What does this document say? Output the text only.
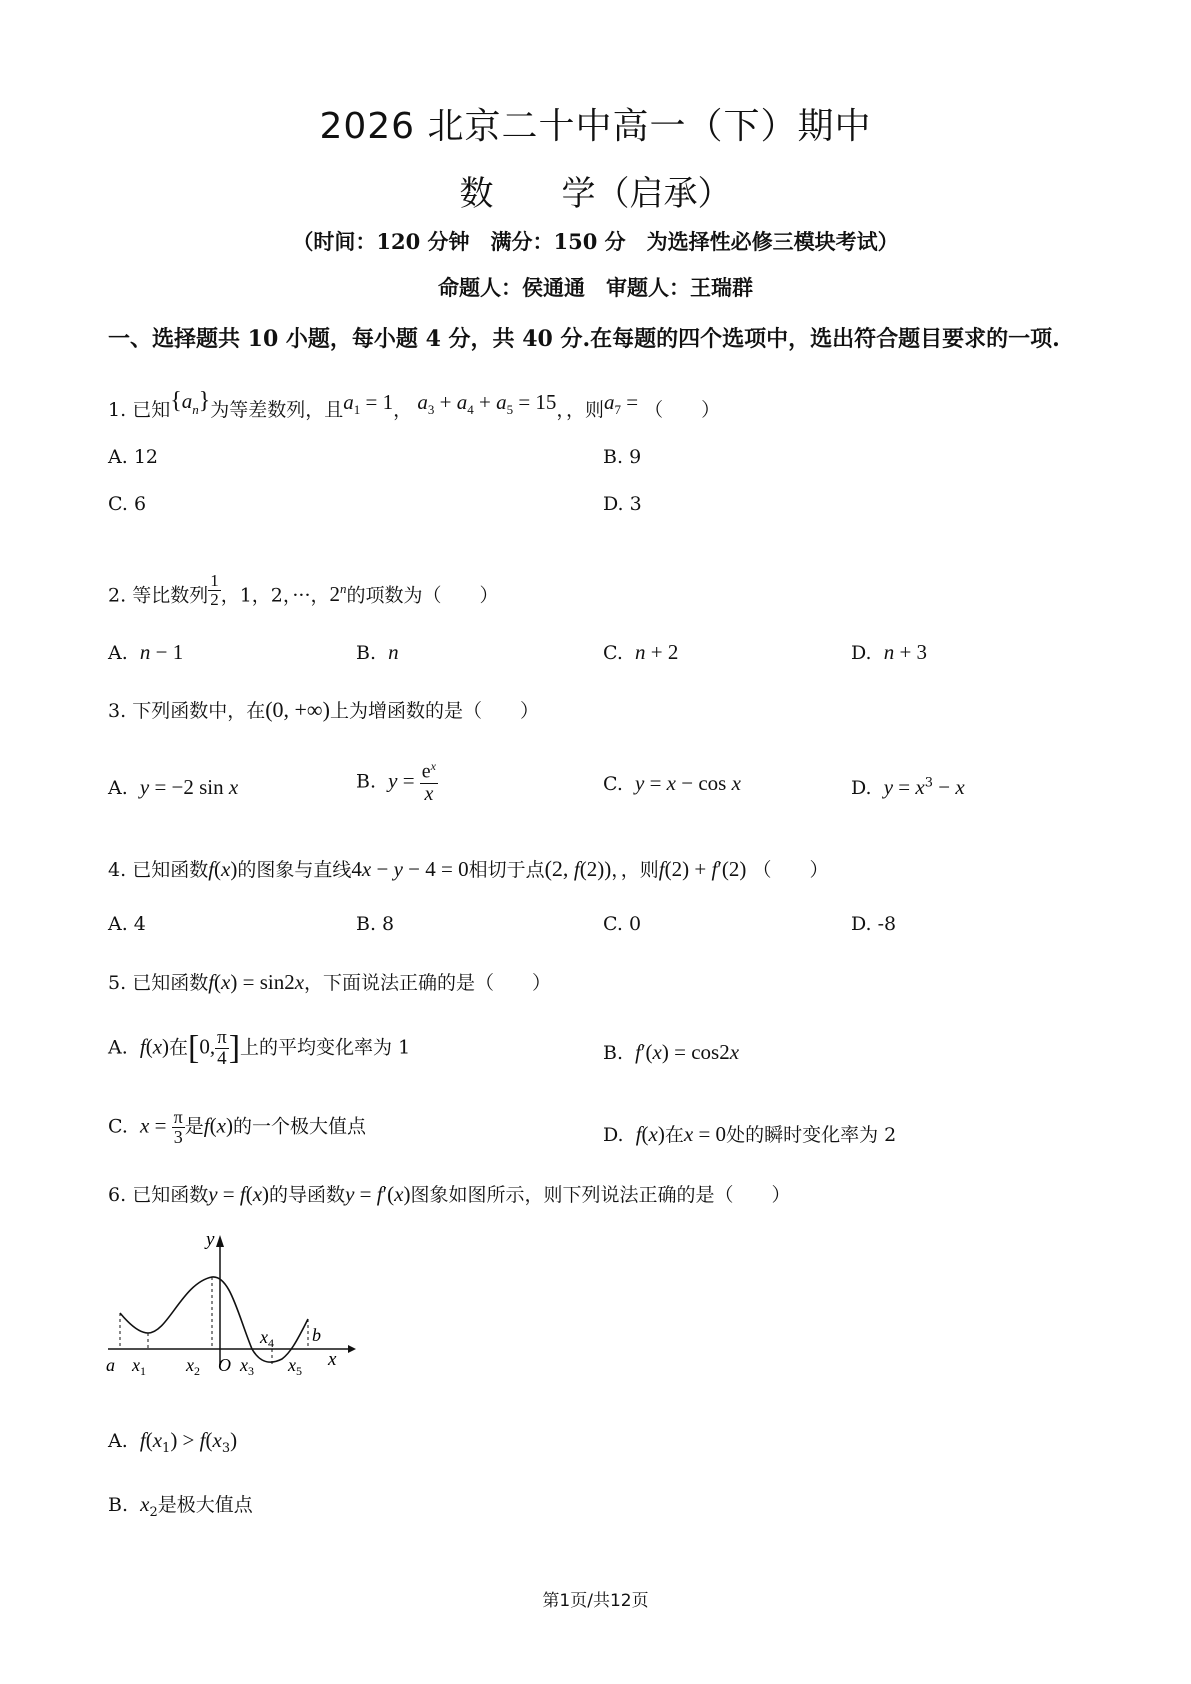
2026 北京二十中高一（下）期中
数　　学（启承）
（时间：120 分钟　满分：150 分　为选择性必修三模块考试）
命题人：侯通通　审题人：王瑞群
一、选择题共 10 小题，每小题 4 分，共 40 分.在每题的四个选项中，选出符合题目要求的一项.
1. 已知$\{a_n\}$为等差数列，且$a_1 = 1$， $a_3 + a_4 + a_5 = 15$，，则$a_7$ = （　　）
A. 12	B. 9
C. 6	D. 3
2. 等比数列 $\frac{1}{2}$ ，1，2，···，$2^n$的项数为（　　）
A. n − 1	B. n	C. n + 2	D. n + 3
3. 下列函数中，在(0, +∞)上为增函数的是（　　）
A. y = −2 sin x	B. $y = \frac{e^x}{x}$	C. y = x − cos x	D. $y = x^3 - x$
4. 已知函数f(x)的图象与直线4x − y − 4 = 0相切于点(2, f(2))，，则f(2) + f′(2) （　　）
A. 4	B. 8	C. 0	D. -8
5. 已知函数f(x) = sin2x，下面说法正确的是（　　）
A. f(x)在[0, $\frac{\pi}{4}$ ]上的平均变化率为 1	B. f′(x) = cos2x
C. $x = \frac{\pi}{3}$ 是f(x)的一个极大值点	D. f(x)在x = 0处的瞬时变化率为 2
6. 已知函数y = f(x)的导函数y = f′(x)图象如图所示，则下列说法正确的是（　　）
y
x
a $x_1$ $x_2$ O $x_3$
$x_4$
$x_5$
b
A. $f(x_1) > f(x_3)$
B. $x_2$是极大值点
第1页/共12页
